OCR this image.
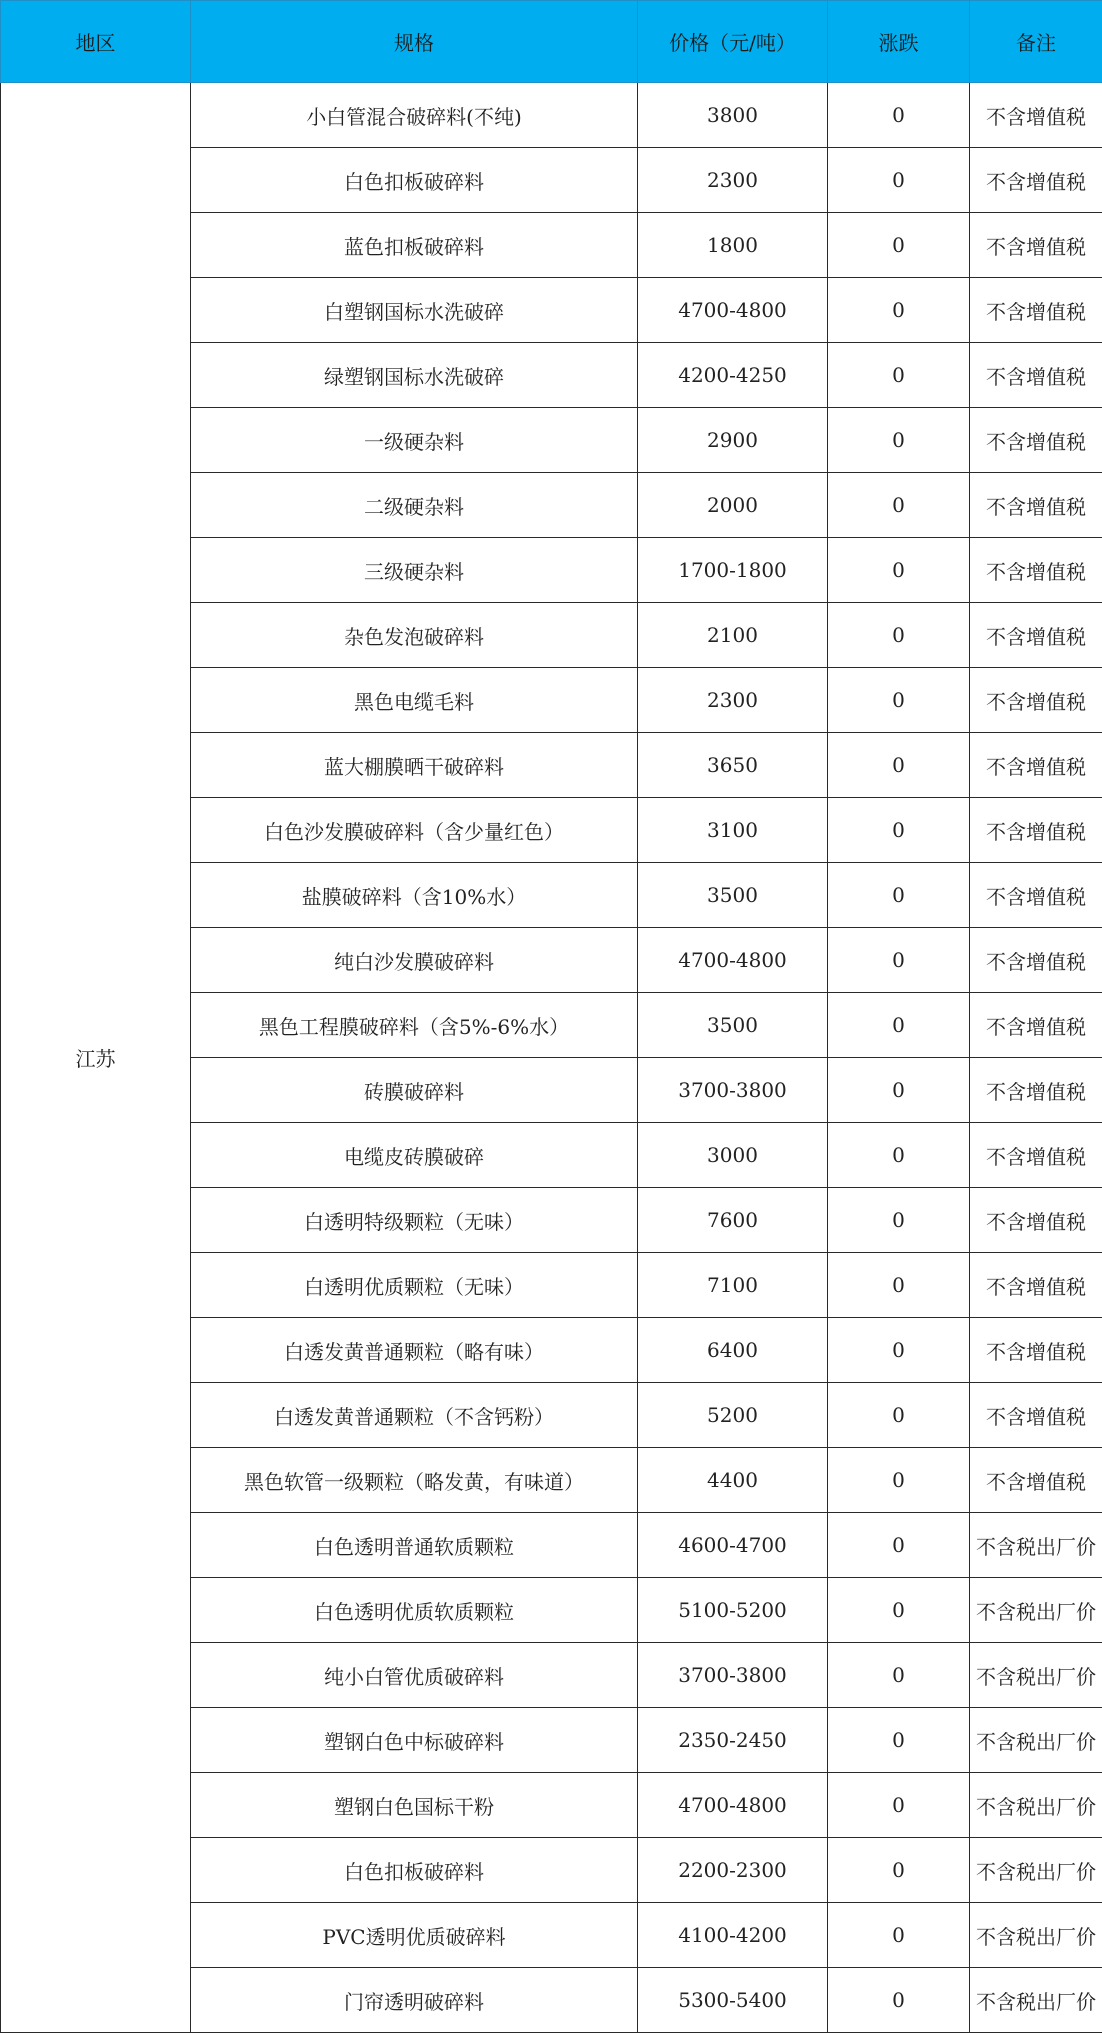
地区	规格	价格（元/吨）	涨跌	备注
江苏	小白管混合破碎料(不纯)	3800	0	不含增值税
	白色扣板破碎料	2300	0	不含增值税
	蓝色扣板破碎料	1800	0	不含增值税
	白塑钢国标水洗破碎	4700-4800	0	不含增值税
	绿塑钢国标水洗破碎	4200-4250	0	不含增值税
	一级硬杂料	2900	0	不含增值税
	二级硬杂料	2000	0	不含增值税
	三级硬杂料	1700-1800	0	不含增值税
	杂色发泡破碎料	2100	0	不含增值税
	黑色电缆毛料	2300	0	不含增值税
	蓝大棚膜晒干破碎料	3650	0	不含增值税
	白色沙发膜破碎料（含少量红色）	3100	0	不含增值税
	盐膜破碎料（含10%水）	3500	0	不含增值税
	纯白沙发膜破碎料	4700-4800	0	不含增值税
	黑色工程膜破碎料（含5%-6%水）	3500	0	不含增值税
	砖膜破碎料	3700-3800	0	不含增值税
	电缆皮砖膜破碎	3000	0	不含增值税
	白透明特级颗粒（无味）	7600	0	不含增值税
	白透明优质颗粒（无味）	7100	0	不含增值税
	白透发黄普通颗粒（略有味）	6400	0	不含增值税
	白透发黄普通颗粒（不含钙粉）	5200	0	不含增值税
	黑色软管一级颗粒（略发黄，有味道）	4400	0	不含增值税
	白色透明普通软质颗粒	4600-4700	0	不含税出厂价
	白色透明优质软质颗粒	5100-5200	0	不含税出厂价
	纯小白管优质破碎料	3700-3800	0	不含税出厂价
	塑钢白色中标破碎料	2350-2450	0	不含税出厂价
	塑钢白色国标干粉	4700-4800	0	不含税出厂价
	白色扣板破碎料	2200-2300	0	不含税出厂价
	PVC透明优质破碎料	4100-4200	0	不含税出厂价
	门帘透明破碎料	5300-5400	0	不含税出厂价
